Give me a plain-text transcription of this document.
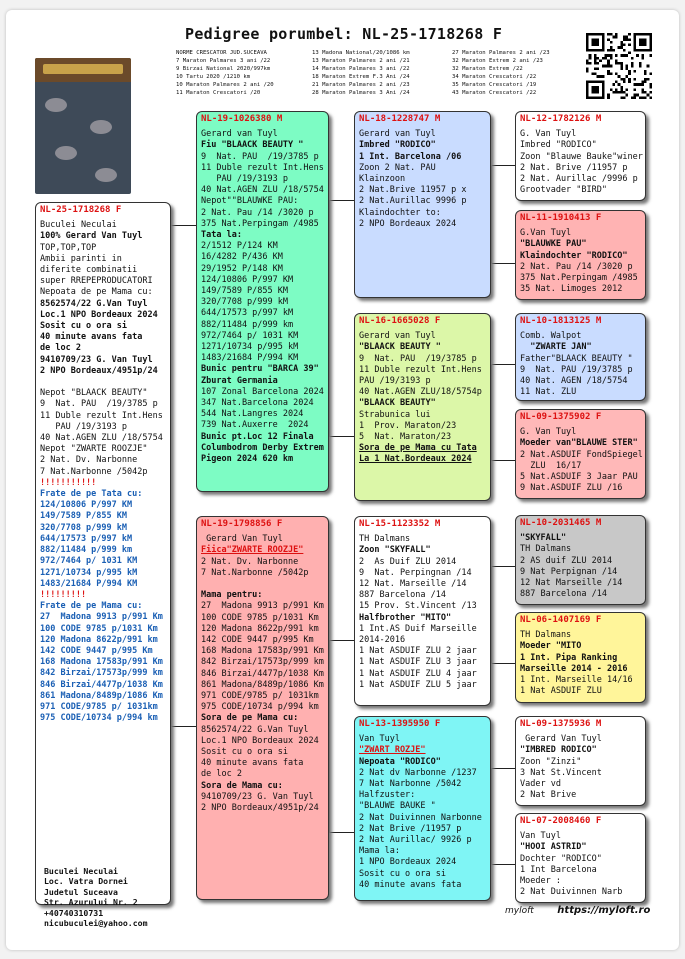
Pedigree porumbel: NL-25-1718268 F
NORME CRESCATOR JUD.SUCEAVA	13 Madona National/20/1086 km	27 Maraton Palmares 2 ani /23
7 Maraton Palmares 3 ani /22	13 Maraton Palmares 2 ani /21	32 Maraton Extrem 2 ani /23
9 Birzai National 2020/997km	14 Maraton Palmares 3 ani /22	32 Maraton Extrem /22
10 Tartu 2020 /1210 km	18 Maraton Extrem F.3 Ani /24	34 Maraton Crescatori /22
10 Maraton Palmares 2 ani /20	21 Maraton Palmares 2 ani /23	35 Maraton Crescatori /19
11 Maraton Crescatori /20	28 Maraton Palmares 3 Ani /24	43 Maraton Crescatori /22
NL-25-1718268 F
Buculei Neculai
100% Gerard Van Tuyl
TOP,TOP,TOP
Ambii parinti in
diferite combinatii
super RREPEPRODUCATORI
Nepoata de pe Mama cu:
8562574/22 G.Van Tuyl
Loc.1 NPO Bordeaux 2024
Sosit cu o ora si
40 minute avans fata
de loc 2
9410709/23 G. Van Tuyl
2 NPO Bordeaux/4951p/24

Nepot "BLAACK BEAUTY"
9  Nat. PAU  /19/3785 p
11 Duble rezult Int.Hens
PAU /19/3193 p
40 Nat.AGEN ZLU /18/5754
Nepot "ZWARTE ROOZJE"
2 Nat. Dv. Narbonne
7 Nat.Narbonne /5042p
!!!!!!!!!!!
Frate de pe Tata cu:
124/10806 P/997 KM
149/7589 P/855 KM
320/7708 p/999 kM
644/17573 p/997 kM
882/11484 p/999 km
972/7464 p/ 1031 KM
1271/10734 p/995 kM
1483/21684 P/994 KM
!!!!!!!!!
Frate de pe Mama cu:
27  Madona 9913 p/991 Km
100 CODE 9785 p/1031 Km
120 Madona 8622p/991 km
142 CODE 9447 p/995 Km
168 Madona 17583p/991 Km
842 Birzai/17573p/999 km
846 Birzai/4477p/1038 Km
861 Madona/8489p/1086 Km
971 CODE/9785 p/ 1031km
975 CODE/10734 p/994 km
NL-19-1026380 M
Gerard van Tuyl
Fiu "BLAACK BEAUTY "
9  Nat. PAU  /19/3785 p
11 Duble rezult Int.Hens
PAU /19/3193 p
40 Nat.AGEN ZLU /18/5754
Nepot""BLAUWKE PAU:
2 Nat. Pau /14 /3020 p
375 Nat.Perpingam /4985
Tata la:
2/1512 P/124 KM
16/4282 P/436 KM
29/1952 P/148 KM
124/10806 P/997 KM
149/7589 P/855 KM
320/7708 p/999 kM
644/17573 p/997 kM
882/11484 p/999 km
972/7464 p/ 1031 KM
1271/10734 p/995 kM
1483/21684 P/994 KM
Bunic pentru "BARCA 39"
Zburat Germania
107 Zonal Barcelona 2024
347 Nat.Barcelona 2024
544 Nat.Langres 2024
739 Nat.Auxerre  2024
Bunic pt.Loc 12 Finala
Columbodrom Derby Extrem
Pigeon 2024 620 km
NL-19-1798856 F
Gerard Van Tuyl
Fiica"ZWARTE ROOZJE"
2 Nat. Dv. Narbonne
7 Nat.Narbonne /5042p

Mama pentru:
27  Madona 9913 p/991 Km
100 CODE 9785 p/1031 Km
120 Madona 8622p/991 km
142 CODE 9447 p/995 Km
168 Madona 17583p/991 Km
842 Birzai/17573p/999 km
846 Birzai/4477p/1038 Km
861 Madona/8489p/1086 Km
971 CODE/9785 p/ 1031km
975 CODE/10734 p/994 km
Sora de pe Mama cu:
8562574/22 G.Van Tuyl
Loc.1 NPO Bordeaux 2024
Sosit cu o ora si
40 minute avans fata
de loc 2
Sora de Mama cu:
9410709/23 G. Van Tuyl
2 NPO Bordeaux/4951p/24
NL-18-1228747 M
Gerard van Tuyl
Imbred "RODICO"
1 Int. Barcelona /06
Zoon 2 Nat. PAU
Klainzoon
2 Nat.Brive 11957 p x
2 Nat.Aurillac 9996 p
Klaindochter to:
2 NPO Bordeaux 2024
NL-16-1665028 F
Gerard van Tuyl
"BLAACK BEAUTY "
9  Nat. PAU  /19/3785 p
11 Duble rezult Int.Hens
PAU /19/3193 p
40 Nat.AGEN ZLU/18/5754p
"BLAACK BEAUTY"
Strabunica lui
1  Prov. Maraton/23
5  Nat. Maraton/23
Sora de pe Mama cu Tata
La 1 Nat.Bordeaux 2024
NL-15-1123352 M
TH Dalmans
Zoon "SKYFALL"
2  As Duif ZLU 2014
9  Nat. Perpingnan /14
12 Nat. Marseille /14
887 Barcelona /14
15 Prov. St.Vincent /13
Halfbrother "MITO"
1 Int.AS Duif Marseille
2014-2016
1 Nat ASDUIF ZLU 2 jaar
1 Nat ASDUIF ZLU 3 jaar
1 Nat ASDUIF ZLU 4 jaar
1 Nat ASDUIF ZLU 5 jaar
NL-13-1395950 F
Van Tuyl
"ZWART ROZJE"
Nepoata "RODICO"
2 Nat dv Narbonne /1237
7 Nat Narbonne /5042
Halfzuster:
"BLAUWE BAUKE "
2 Nat Duivinnen Narbonne
2 Nat Brive /11957 p
2 Nat Aurillac/ 9926 p
Mama la:
1 NPO Bordeaux 2024
Sosit cu o ora si
40 minute avans fata
NL-12-1782126 M
G. Van Tuyl
Imbred "RODICO"
Zoon "Blauwe Bauke"winer
2 Nat. Brive /11957 p
2 Nat. Aurillac /9996 p
Grootvader "BIRD"
NL-11-1910413 F
G.Van Tuyl
"BLAUWKE PAU"
Klaindochter "RODICO"
2 Nat. Pau /14 /3020 p
375 Nat.Perpingam /4985
35 Nat. Limoges 2012
NL-10-1813125 M
Comb. Walpot
"ZWARTE JAN"
Father"BLAACK BEAUTY "
9  Nat. PAU /19/3785 p
40 Nat. AGEN /18/5754
11 Nat. ZLU
NL-09-1375902 F
G. Van Tuyl
Moeder van"BLAUWE STER"
2 Nat.ASDUIF FondSpiegel
ZLU  16/17
5 Nat.ASDUIF 3 Jaar PAU
9 Nat.ASDUIF ZLU /16
NL-10-2031465 M
"SKYFALL"
TH Dalmans
2 AS duif ZLU 2014
9 Nat Perpignan /14
12 Nat Marseille /14
887 Barcelona /14
NL-06-1407169 F
TH Dalmans
Moeder "MITO
1 Int. Pipa Ranking
Marseille 2014 - 2016
1 Int. Marseille 14/16
1 Nat ASDUIF ZLU
NL-09-1375936 M
Gerard Van Tuyl
"IMBRED RODICO"
Zoon "Zinzi"
3 Nat St.Vincent
Vader vd
2 Nat Brive
NL-07-2008460 F
Van Tuyl
"HOOI ASTRID"
Dochter "RODICO"
1 Int Barcelona
Moeder :
2 Nat Duivinnen Narb
Buculei Neculai
Loc. Vatra Dornei
Judetul Suceava
Str. Azurului Nr. 2
+40740310731
nicubuculei@yahoo.com
myloft https://myloft.ro
